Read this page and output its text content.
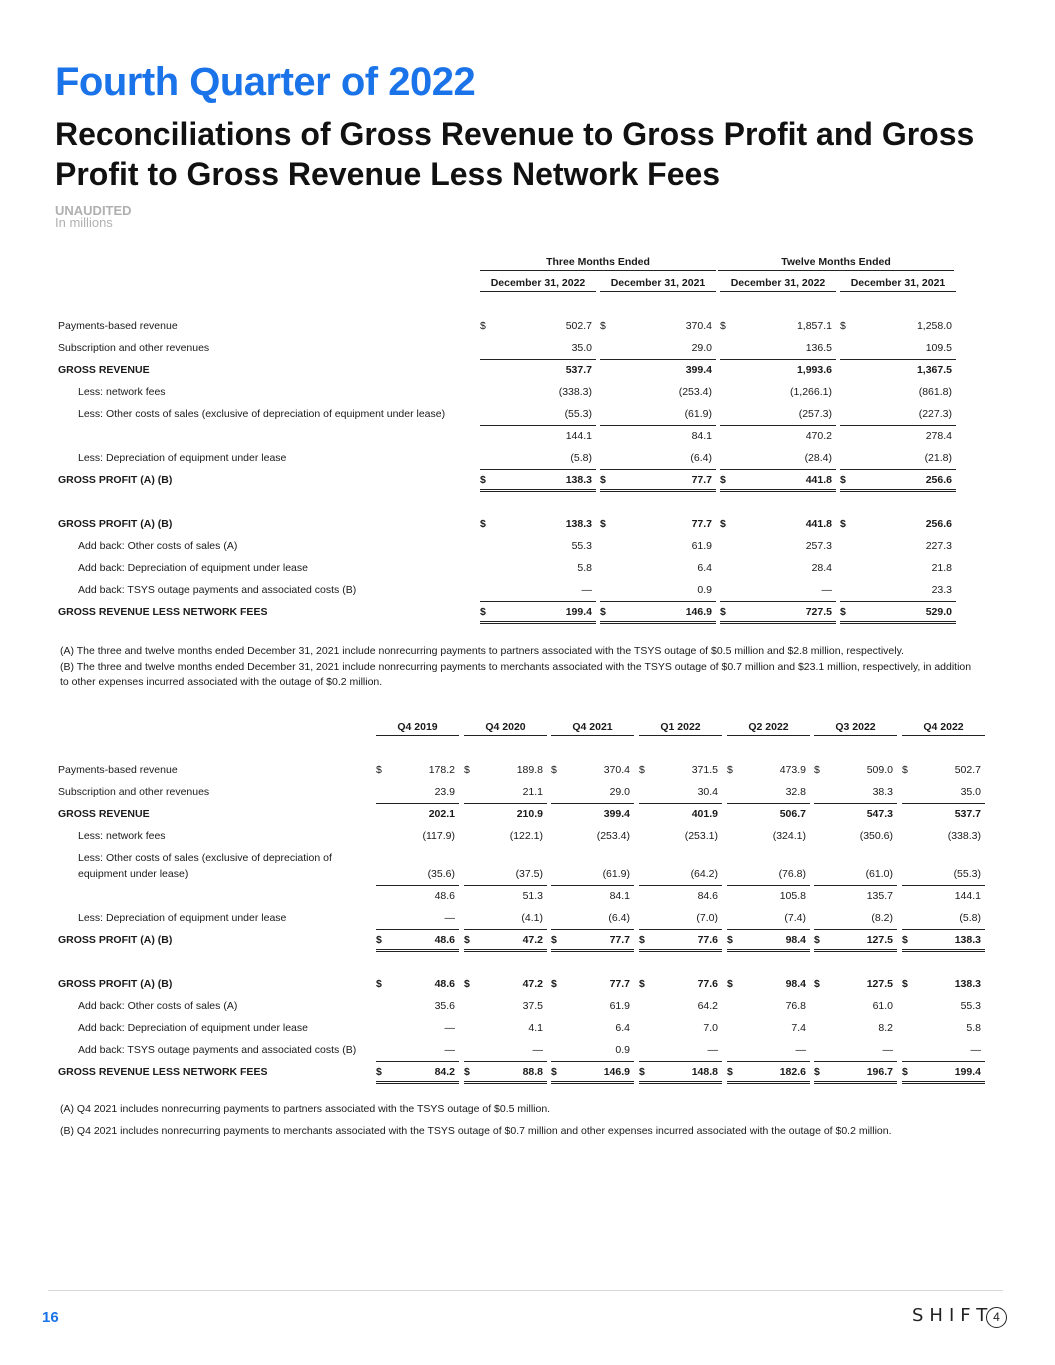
Fourth Quarter of 2022
Reconciliations of Gross Revenue to Gross Profit and Gross Profit to Gross Revenue Less Network Fees
UNAUDITED
In millions
Three Months Ended	Twelve Months Ended
December 31, 2022	December 31, 2021	December 31, 2022	December 31, 2021
Payments-based revenue	$	502.7 $	370.4 $	1,857.1 $	1,258.0
Subscription and other revenues	35.0	29.0	136.5	109.5
GROSS REVENUE	537.7	399.4	1,993.6	1,367.5
Less: network fees	(338.3)	(253.4)	(1,266.1)	(861.8)
Less: Other costs of sales (exclusive of depreciation of equipment under lease)	(55.3)	(61.9)	(257.3)	(227.3)
144.1	84.1	470.2	278.4
Less: Depreciation of equipment under lease	(5.8)	(6.4)	(28.4)	(21.8)
GROSS PROFIT (A) (B)	$	138.3 $	77.7 $	441.8 $	256.6
GROSS PROFIT (A) (B)	$	138.3 $	77.7 $	441.8 $	256.6
Add back: Other costs of sales (A)	55.3	61.9	257.3	227.3
Add back: Depreciation of equipment under lease	5.8	6.4	28.4	21.8
Add back: TSYS outage payments and associated costs (B)	—	0.9	—	23.3
GROSS REVENUE LESS NETWORK FEES	$	199.4 $	146.9 $	727.5 $	529.0
(A) The three and twelve months ended December 31, 2021 include nonrecurring payments to partners associated with the TSYS outage of $0.5 million and $2.8 million, respectively.
(B) The three and twelve months ended December 31, 2021 include nonrecurring payments to merchants associated with the TSYS outage of $0.7 million and $23.1 million, respectively, in addition to other expenses incurred associated with the outage of $0.2 million.
Q4 2019	Q4 2020	Q4 2021	Q1 2022	Q2 2022	Q3 2022	Q4 2022
Payments-based revenue	$	178.2 $	189.8 $	370.4 $	371.5 $	473.9 $	509.0 $	502.7
Subscription and other revenues	23.9	21.1	29.0	30.4	32.8	38.3	35.0
GROSS REVENUE	202.1	210.9	399.4	401.9	506.7	547.3	537.7
Less: network fees	(117.9)	(122.1)	(253.4)	(253.1)	(324.1)	(350.6)	(338.3)
Less: Other costs of sales (exclusive of depreciation of
equipment under lease)	(35.6)	(37.5)	(61.9)	(64.2)	(76.8)	(61.0)	(55.3)
48.6	51.3	84.1	84.6	105.8	135.7	144.1
Less: Depreciation of equipment under lease	—	(4.1)	(6.4)	(7.0)	(7.4)	(8.2)	(5.8)
GROSS PROFIT (A) (B)	$	48.6 $	47.2 $	77.7 $	77.6 $	98.4 $	127.5 $	138.3
GROSS PROFIT (A) (B)	$	48.6 $	47.2 $	77.7 $	77.6 $	98.4 $	127.5 $	138.3
Add back: Other costs of sales (A)	35.6	37.5	61.9	64.2	76.8	61.0	55.3
Add back: Depreciation of equipment under lease	—	4.1	6.4	7.0	7.4	8.2	5.8
Add back: TSYS outage payments and associated costs (B)	—	—	0.9	—	—	—	—
GROSS REVENUE LESS NETWORK FEES	$	84.2 $	88.8 $	146.9 $	148.8 $	182.6 $	196.7 $	199.4
(A) Q4 2021 includes nonrecurring payments to partners associated with the TSYS outage of $0.5 million.
(B) Q4 2021 includes nonrecurring payments to merchants associated with the TSYS outage of $0.7 million and other expenses incurred associated with the outage of $0.2 million.
16	SHIFT 4
